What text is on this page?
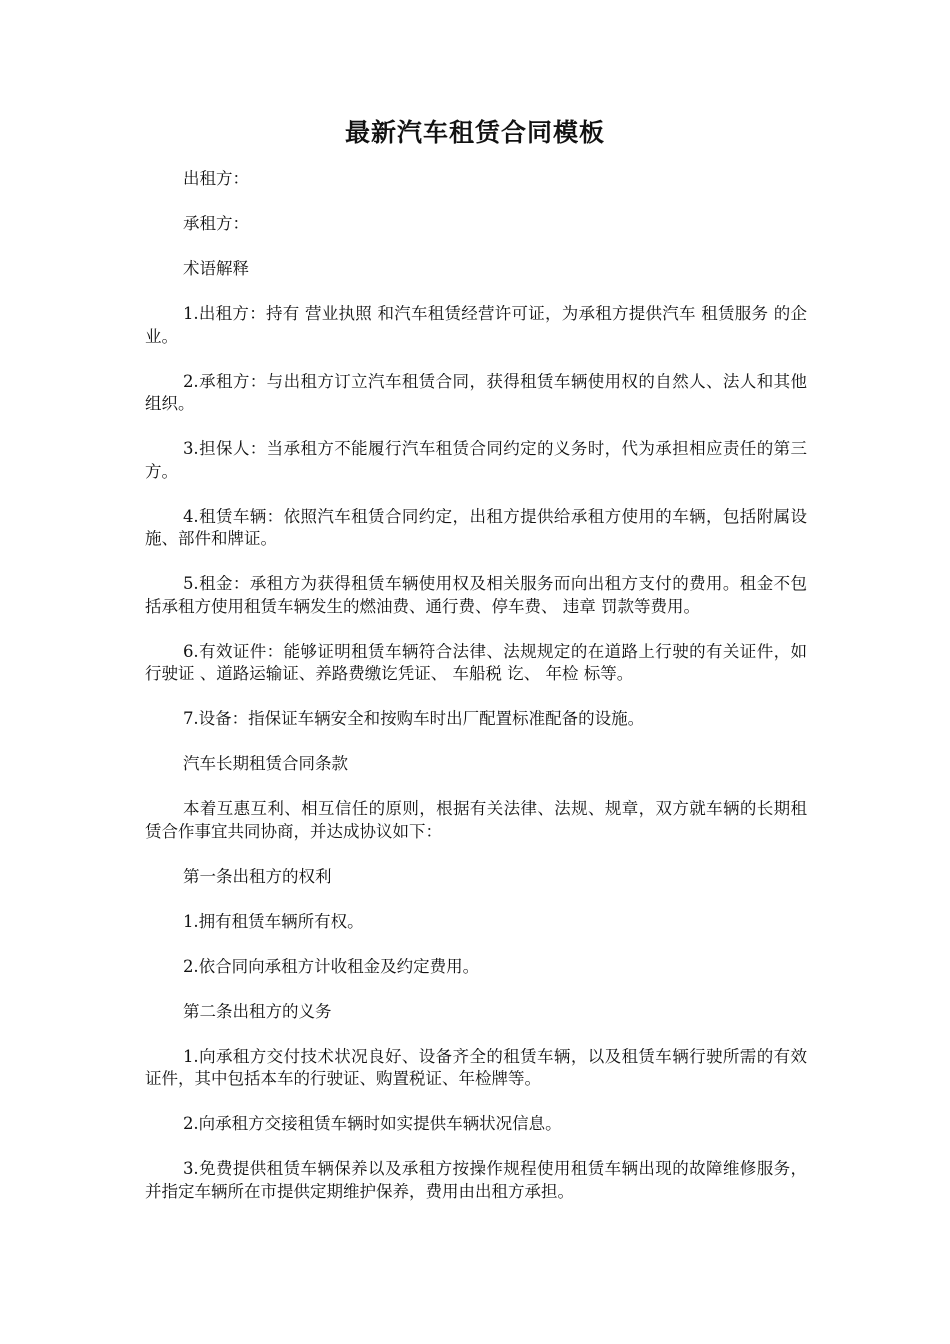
最新汽车租赁合同模板

出租方：

承租方：

术语解释

1.出租方：持有 营业执照 和汽车租赁经营许可证，为承租方提供汽车 租赁服务 的企业。

2.承租方：与出租方订立汽车租赁合同，获得租赁车辆使用权的自然人、法人和其他组织。

3.担保人：当承租方不能履行汽车租赁合同约定的义务时，代为承担相应责任的第三方。

4.租赁车辆：依照汽车租赁合同约定，出租方提供给承租方使用的车辆，包括附属设施、部件和牌证。

5.租金：承租方为获得租赁车辆使用权及相关服务而向出租方支付的费用。租金不包括承租方使用租赁车辆发生的燃油费、通行费、停车费、 违章 罚款等费用。

6.有效证件：能够证明租赁车辆符合法律、法规规定的在道路上行驶的有关证件，如 行驶证 、道路运输证、养路费缴讫凭证、 车船税 讫、 年检 标等。

7.设备：指保证车辆安全和按购车时出厂配置标准配备的设施。

汽车长期租赁合同条款

本着互惠互利、相互信任的原则，根据有关法律、法规、规章，双方就车辆的长期租赁合作事宜共同协商，并达成协议如下：

第一条出租方的权利

1.拥有租赁车辆所有权。

2.依合同向承租方计收租金及约定费用。

第二条出租方的义务

1.向承租方交付技术状况良好、设备齐全的租赁车辆，以及租赁车辆行驶所需的有效证件，其中包括本车的行驶证、购置税证、年检牌等。

2.向承租方交接租赁车辆时如实提供车辆状况信息。

3.免费提供租赁车辆保养以及承租方按操作规程使用租赁车辆出现的故障维修服务，并指定车辆所在市提供定期维护保养，费用由出租方承担。
